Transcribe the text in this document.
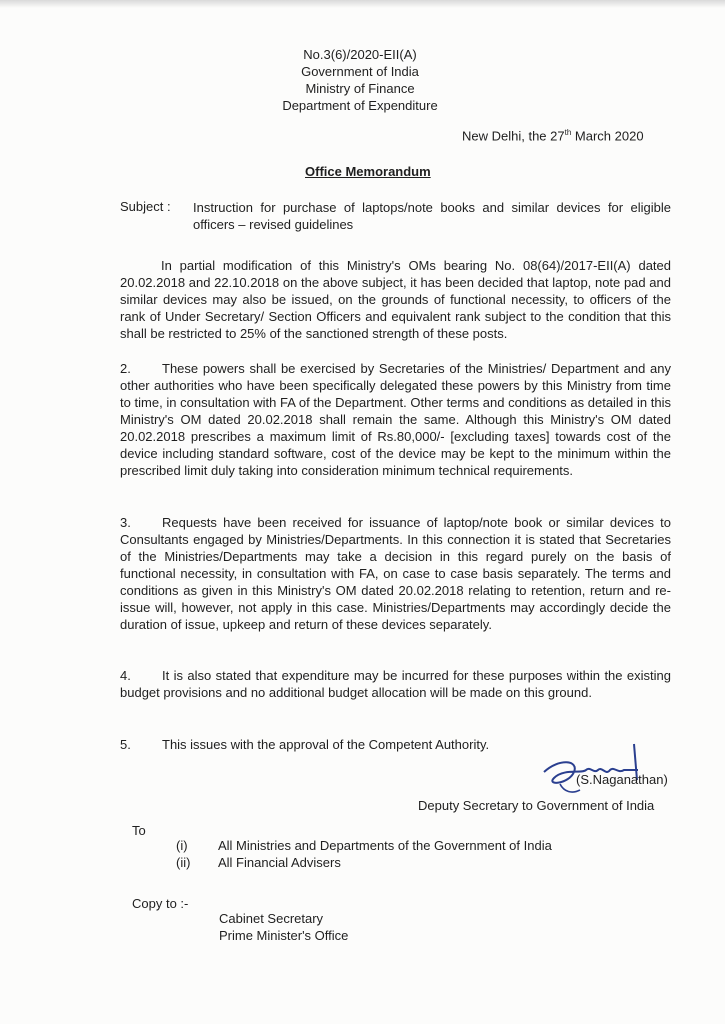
No.3(6)/2020-EII(A)
Government of India
Ministry of Finance
Department of Expenditure
New Delhi, the 27th March 2020
Office Memorandum
Subject : Instruction for purchase of laptops/note books and similar devices for eligible officers – revised guidelines
In partial modification of this Ministry's OMs bearing No. 08(64)/2017-EII(A) dated 20.02.2018 and 22.10.2018 on the above subject, it has been decided that laptop, note pad and similar devices may also be issued, on the grounds of functional necessity, to officers of the rank of Under Secretary/ Section Officers and equivalent rank subject to the condition that this shall be restricted to 25% of the sanctioned strength of these posts.
2. These powers shall be exercised by Secretaries of the Ministries/ Department and any other authorities who have been specifically delegated these powers by this Ministry from time to time, in consultation with FA of the Department. Other terms and conditions as detailed in this Ministry's OM dated 20.02.2018 shall remain the same. Although this Ministry's OM dated 20.02.2018 prescribes a maximum limit of Rs.80,000/- [excluding taxes] towards cost of the device including standard software, cost of the device may be kept to the minimum within the prescribed limit duly taking into consideration minimum technical requirements.
3. Requests have been received for issuance of laptop/note book or similar devices to Consultants engaged by Ministries/Departments. In this connection it is stated that Secretaries of the Ministries/Departments may take a decision in this regard purely on the basis of functional necessity, in consultation with FA, on case to case basis separately. The terms and conditions as given in this Ministry's OM dated 20.02.2018 relating to retention, return and re-issue will, however, not apply in this case. Ministries/Departments may accordingly decide the duration of issue, upkeep and return of these devices separately.
4. It is also stated that expenditure may be incurred for these purposes within the existing budget provisions and no additional budget allocation will be made on this ground.
5. This issues with the approval of the Competent Authority.
(S.Naganathan)
Deputy Secretary to Government of India
To
(i) All Ministries and Departments of the Government of India
(ii) All Financial Advisers
Copy to :-
Cabinet Secretary
Prime Minister's Office
